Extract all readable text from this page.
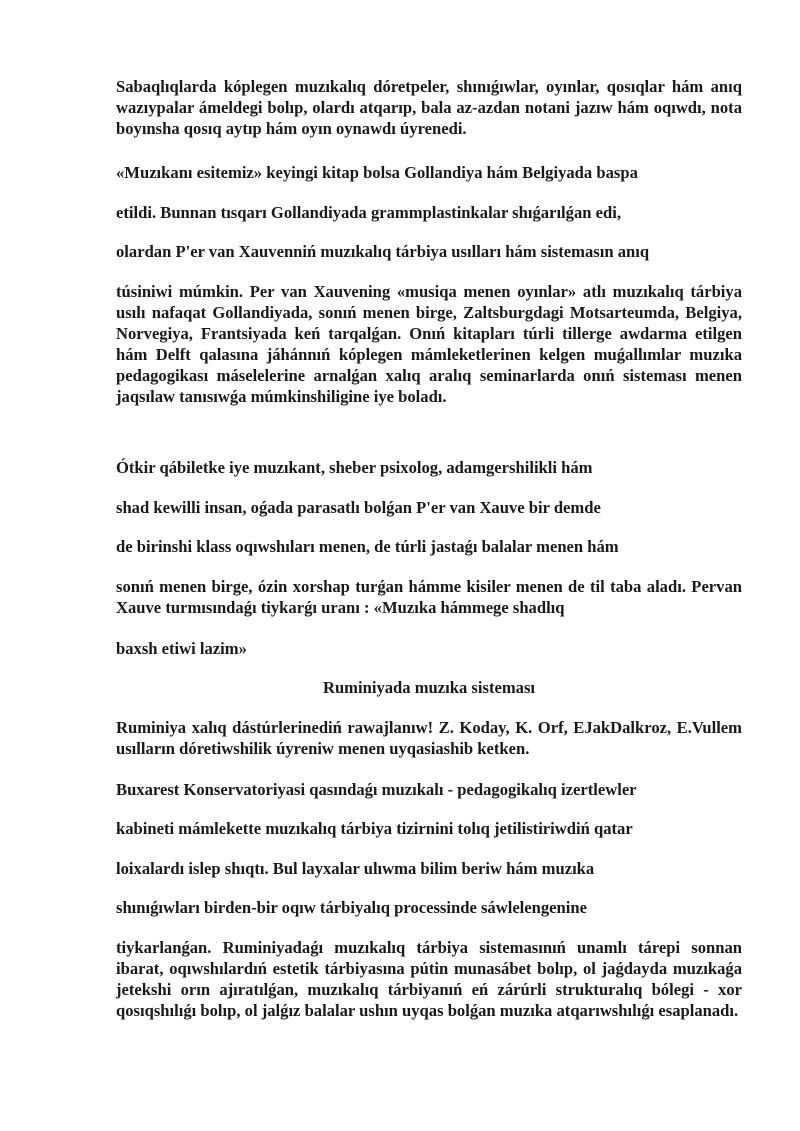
Sabaqlıqlarda kóplegen muzıkalıq dóretpeler, shınıǵıwlar, oyınlar, qosıqlar hám anıq wazıypalar ámeldegi bolıp, olardı atqarıp, bala az-azdan notani jazıw hám oqıwdı, nota boyınsha qosıq aytıp hám oyın oynawdı úyrenedi.

«Muzıkanı esitemiz» keyingi kitap bolsa Gollandiya hám Belgiyada baspa

etildi. Bunnan tısqarı Gollandiyada grammplastinkalar shıǵarılǵan edi,

olardan P'er van Xauvenniń muzıkalıq tárbiya usılları hám sistemasın anıq

túsiniwi múmkin. Per van Xauvening «musiqa menen oyınlar» atlı muzıkalıq tárbiya usılı nafaqat Gollandiyada, sonıń menen birge, Zaltsburgdagi Motsarteumda, Belgiya, Norvegiya, Frantsiyada keń tarqalǵan. Onıń kitapları túrli tillerge awdarma etilgen hám Delft qalasına jáhánnıń kóplegen mámleketlerinen kelgen muǵallımlar muzıka pedagogikası máselelerine arnalǵan xalıq aralıq seminarlarda onıń sisteması menen jaqsılaw tanısıwǵa múmkinshiligine iye boladı.

Ótkir qábiletke iye muzıkant, sheber psixolog, adamgershilikli hám

shad kewilli insan, oǵada parasatlı bolǵan P'er van Xauve bir demde

de birinshi klass oqıwshıları menen, de túrli jastaǵı balalar menen hám

sonıń menen birge, ózin xorshap turǵan hámme kisiler menen de til taba aladı. Pervan Xauve turmısındaǵı tiykarǵı uranı : «Muzıka hámmege shadlıq

baxsh etiwi lazim»

Ruminiyada muzıka sisteması

Ruminiya xalıq dástúrlerinediń rawajlanıw! Z. Koday, K. Orf, EJakDalkroz, E.Vullem usılların dóretiwshilik úyreniw menen uyqasiashib ketken.

Buxarest Konservatoriyasi qasındaǵı muzıkalı - pedagogikalıq izertlewler

kabineti mámlekette muzıkalıq tárbiya tizirnini tolıq jetilistiriwdiń qatar

loixalardı islep shıqtı. Bul layxalar ulıwma bilim beriw hám muzıka

shınıǵıwları birden-bir oqıw tárbiyalıq processinde sáwlelengenine

tiykarlanǵan. Ruminiyadaǵı muzıkalıq tárbiya sistemasınıń unamlı tárepi sonnan ibarat, oqıwshılardıń estetik tárbiyasına pútin munasábet bolıp, ol jaǵdayda muzıkaǵa jetekshi orın ajıratılǵan, muzıkalıq tárbiyanıń eń zárúrli strukturalıq bólegi - xor qosıqshılıǵı bolıp, ol jalǵız balalar ushın uyqas bolǵan muzıka atqarıwshılıǵı esaplanadı.
